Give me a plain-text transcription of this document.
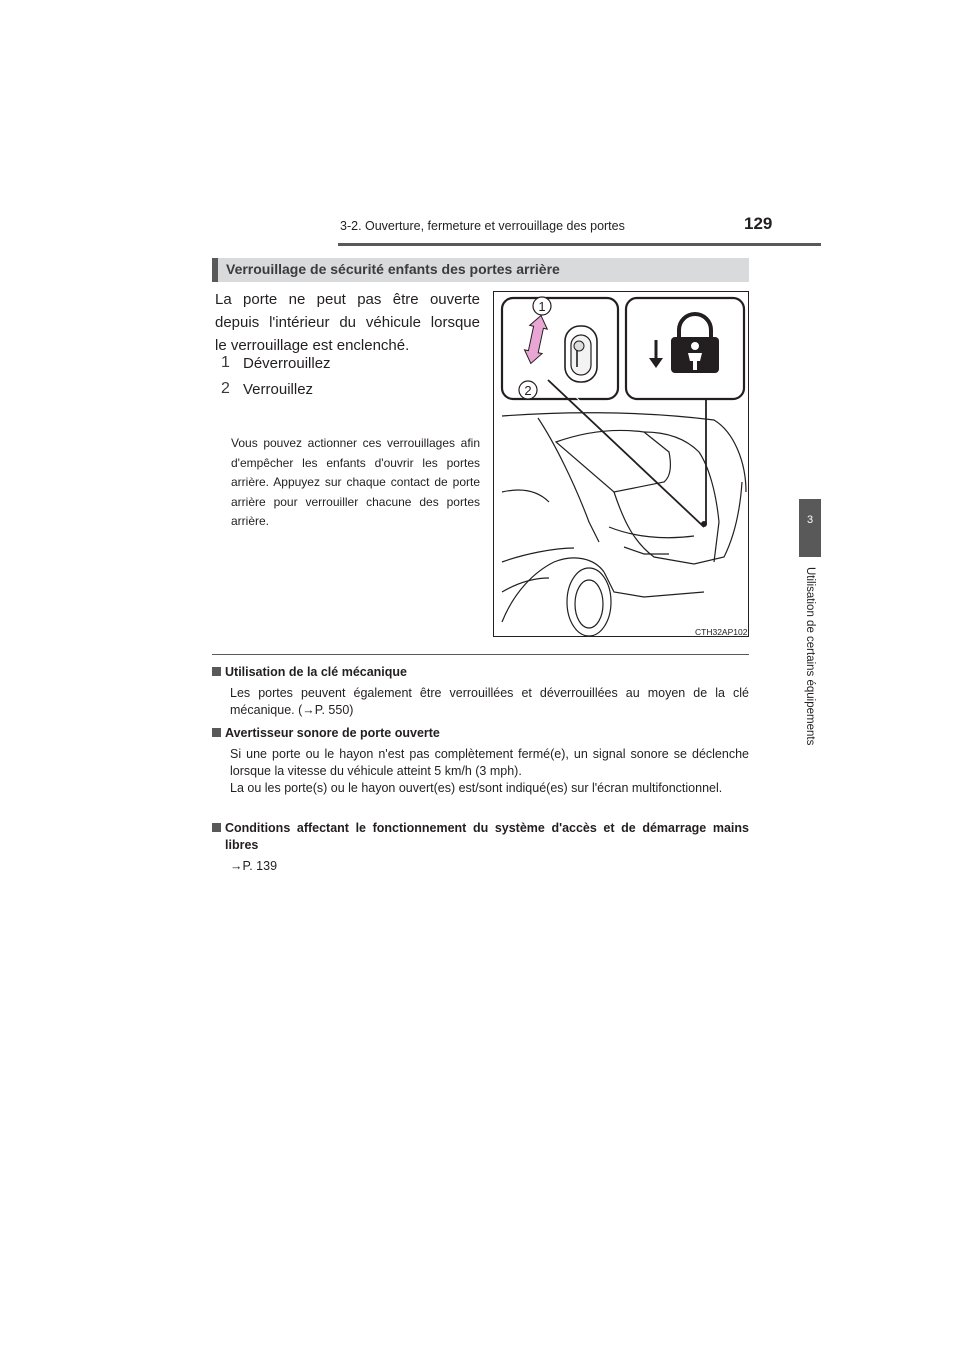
3-2. Ouverture, fermeture et verrouillage des portes	129
3
Utilisation de certains équipements
Verrouillage de sécurité enfants des portes arrière
La porte ne peut pas être ouverte
depuis l'intérieur du véhicule lorsque
le verrouillage est enclenché.
1 Déverrouillez
2 Verrouillez
Vous pouvez actionner ces verrouillages afin d'empêcher les enfants d'ouvrir les portes arrière. Appuyez sur chaque contact de porte arrière pour verrouiller chacune des portes arrière.
1
2
CTH32AP102
Utilisation de la clé mécanique
Les portes peuvent également être verrouillées et déverrouillées au moyen de la clé mécanique. (→P. 550)
Avertisseur sonore de porte ouverte
Si une porte ou le hayon n'est pas complètement fermé(e), un signal sonore se déclenche lorsque la vitesse du véhicule atteint 5 km/h (3 mph).
La ou les porte(s) ou le hayon ouvert(es) est/sont indiqué(es) sur l'écran multifonctionnel.
Conditions affectant le fonctionnement du système d'accès et de démarrage mains libres
→P. 139
